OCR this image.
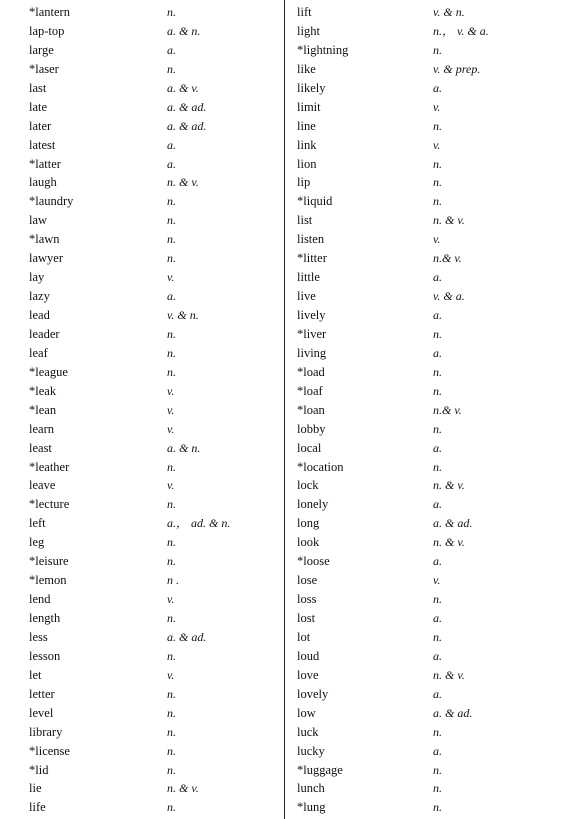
*lantern	n.
lap-top	a. & n.
large	a.
*laser	n.
last	a. & v.
late	a. & ad.
later	a. & ad.
latest	a.
*latter	a.
laugh	n. & v.
*laundry	n.
law	n.
*lawn	n.
lawyer	n.
lay	v.
lazy	a.
lead	v. & n.
leader	n.
leaf	n.
*league	n.
*leak	v.
*lean	v.
learn	v.
least	a. & n.
*leather	n.
leave	v.
*lecture	n.
left	a.， ad. & n.
leg	n.
*leisure	n.
*lemon	n .
lend	v.
length	n.
less	a. & ad.
lesson	n.
let	v.
letter	n.
level	n.
library	n.
*license	n.
*lid	n.
lie	n. & v.
life	n.
lift	v. & n.
light	n.， v. & a.
*lightning	n.
like	v. & prep.
likely	a.
limit	v.
line	n.
link	v.
lion	n.
lip	n.
*liquid	n.
list	n. & v.
listen	v.
*litter	n.& v.
little	a.
live	v. & a.
lively	a.
*liver	n.
living	a.
*load	n.
*loaf	n.
*loan	n.& v.
lobby	n.
local	a.
*location	n.
lock	n. & v.
lonely	a.
long	a. & ad.
look	n. & v.
*loose	a.
lose	v.
loss	n.
lost	a.
lot	n.
loud	a.
love	n. & v.
lovely	a.
low	a. & ad.
luck	n.
lucky	a.
*luggage	n.
lunch	n.
*lung	n.
